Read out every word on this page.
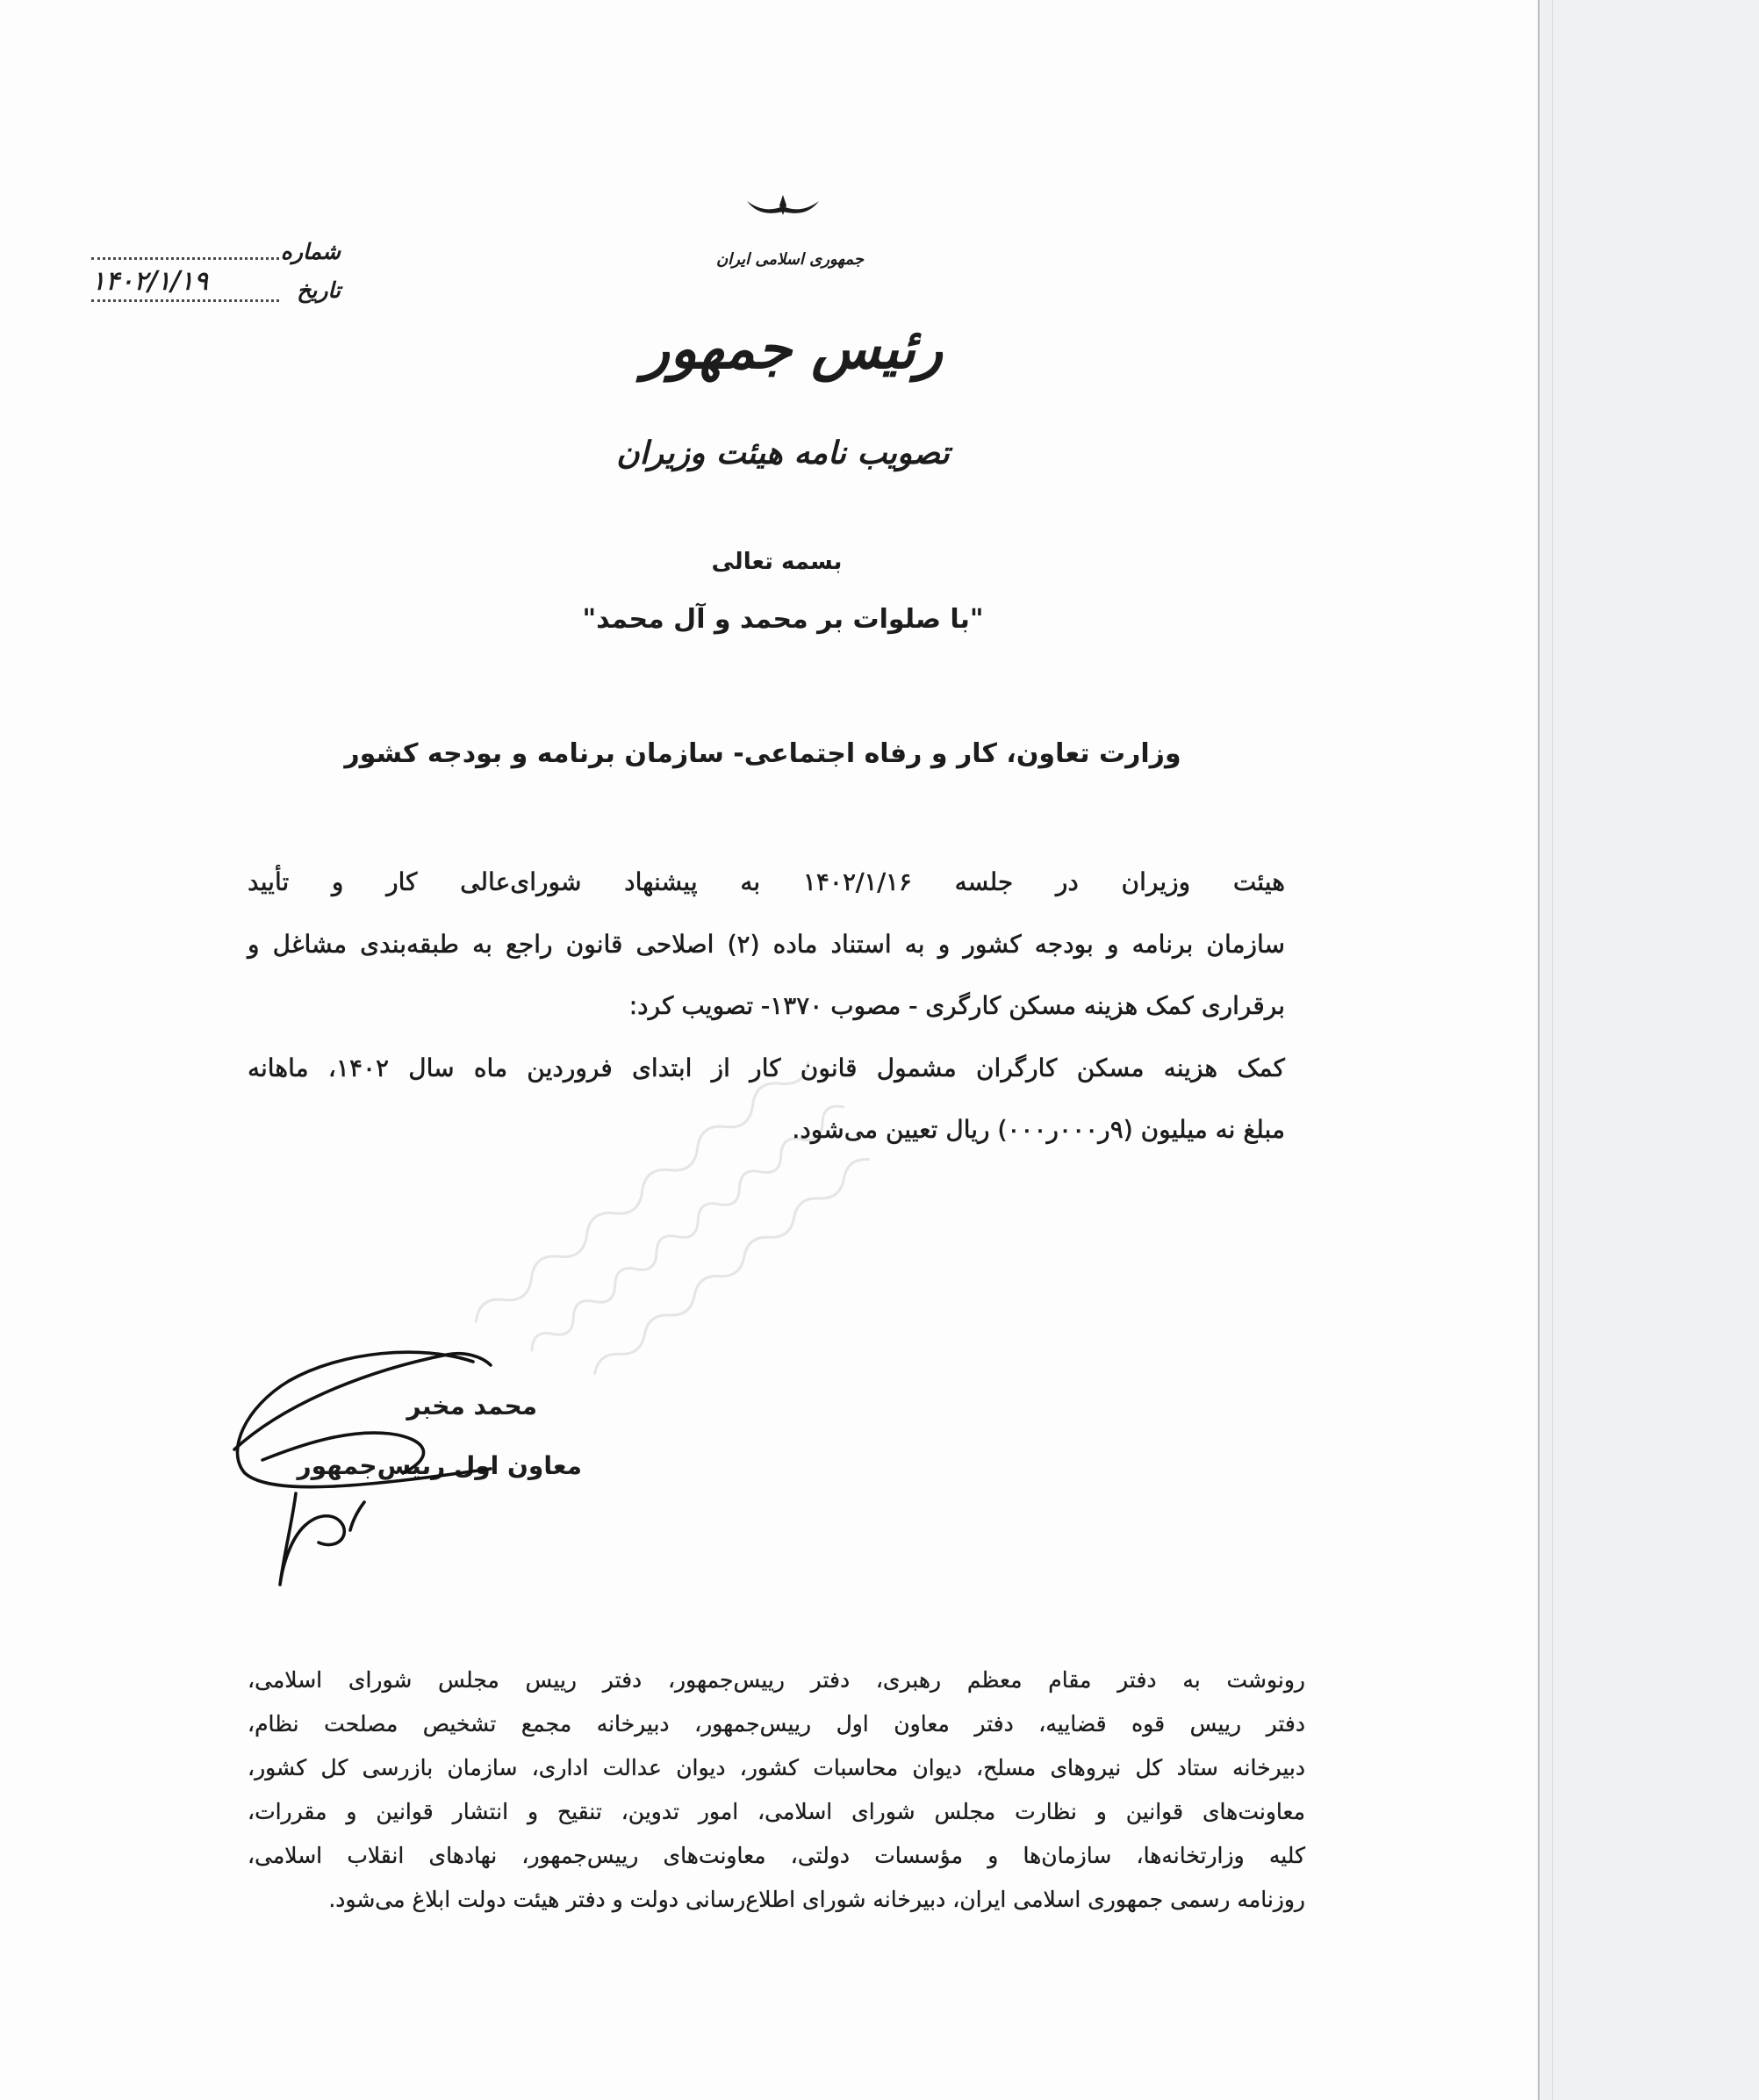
جمهوری اسلامی ایران
رئیس جمهور
تصویب نامه هیئت وزیران
شماره
تاریخ
۱۴۰۲/۱/۱۹
بسمه تعالی
"با صلوات بر محمد و آل محمد"
وزارت تعاون، کار و رفاه اجتماعی- سازمان برنامه و بودجه کشور
هیئت وزیران در جلسه ۱۴۰۲/۱/۱۶ به پیشنهاد شورای‌عالی کار و تأیید
سازمان برنامه و بودجه کشور و به استناد ماده (۲) اصلاحی قانون راجع به طبقه‌بندی مشاغل و
برقراری کمک هزینه مسکن کارگری - مصوب ۱۳۷۰- تصویب کرد:
کمک هزینه مسکن کارگران مشمول قانون کار از ابتدای فروردین ماه سال ۱۴۰۲، ماهانه
مبلغ نه میلیون (۹ر۰۰۰ر۰۰۰) ریال تعیین می‌شود.
محمد مخبر
معاون اول رییس‌جمهور
رونوشت به دفتر مقام معظم رهبری، دفتر رییس‌جمهور، دفتر رییس مجلس شورای اسلامی،
دفتر رییس قوه قضاییه، دفتر معاون اول رییس‌جمهور، دبیرخانه مجمع تشخیص مصلحت نظام،
دبیرخانه ستاد کل نیروهای مسلح، دیوان محاسبات کشور، دیوان عدالت اداری، سازمان بازرسی کل کشور،
معاونت‌های قوانین و نظارت مجلس شورای اسلامی، امور تدوین، تنقیح و انتشار قوانین و مقررات،
کلیه وزارتخانه‌ها، سازمان‌ها و مؤسسات دولتی، معاونت‌های رییس‌جمهور، نهادهای انقلاب اسلامی،
روزنامه رسمی جمهوری اسلامی ایران، دبیرخانه شورای اطلاع‌رسانی دولت و دفتر هیئت دولت ابلاغ می‌شود.
